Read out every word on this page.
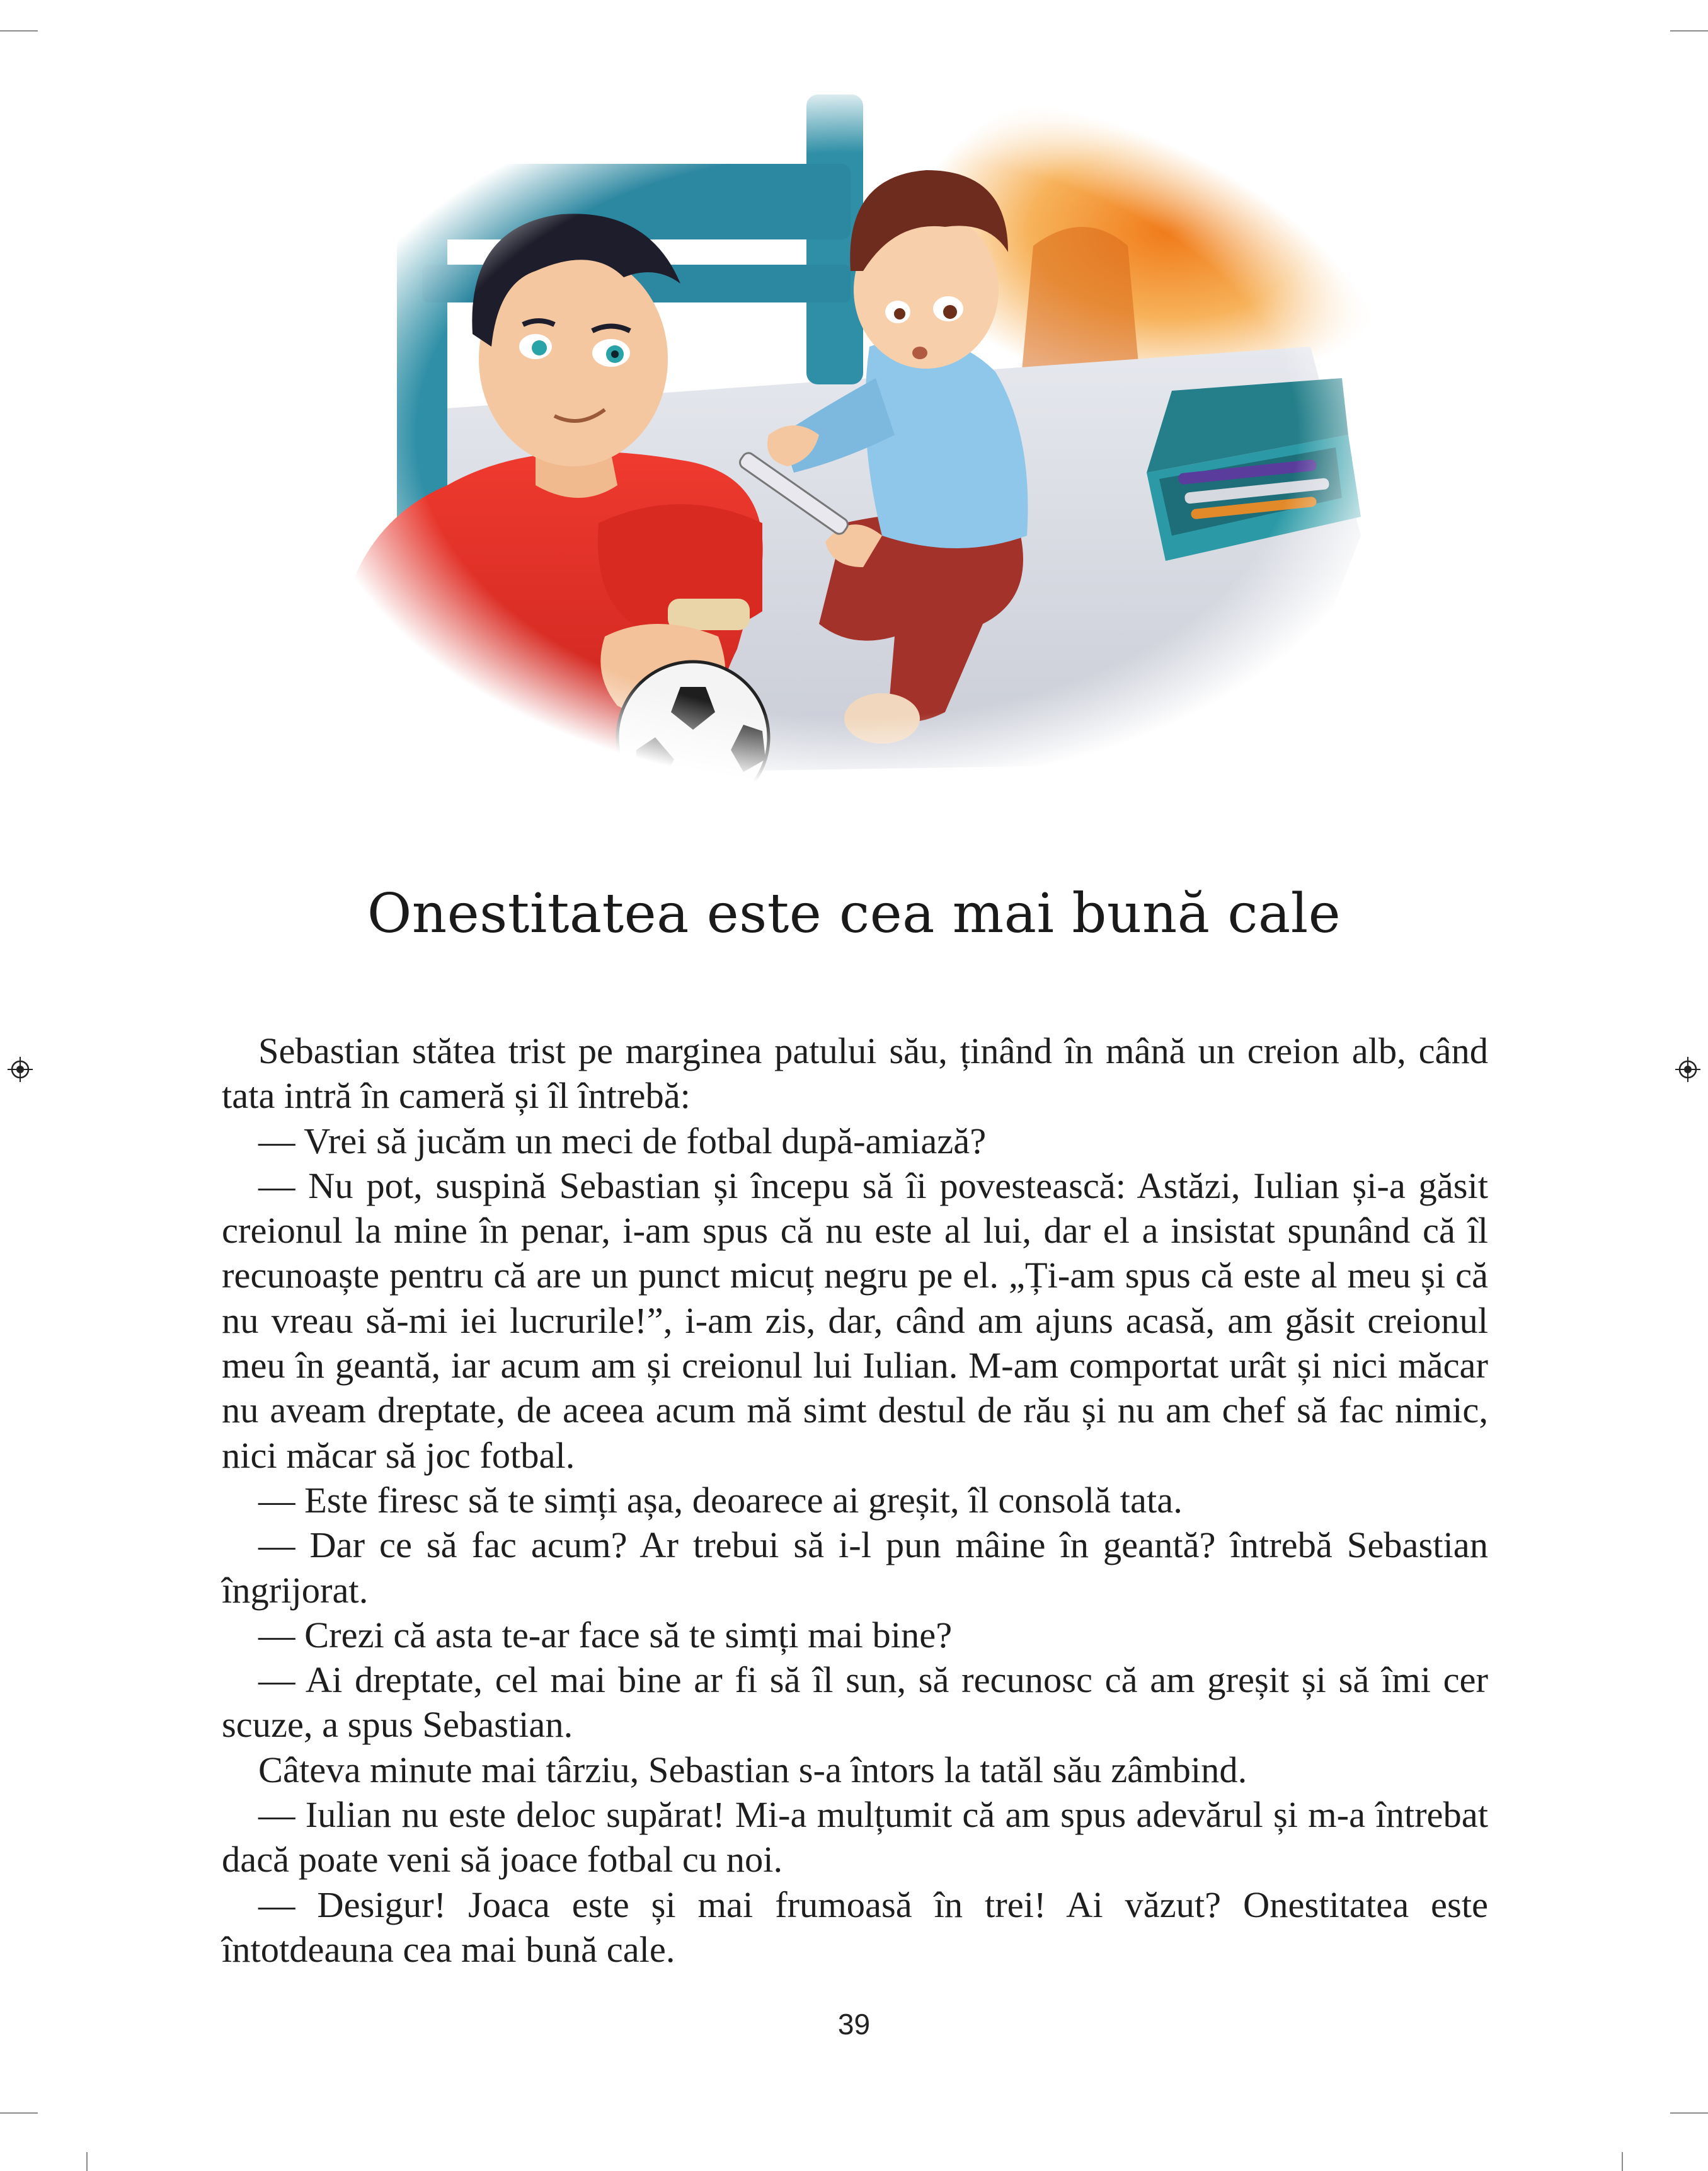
Onestitatea este cea mai bună cale

Sebastian stătea trist pe marginea patului său, ținând în mână un creion alb, când tata intră în cameră și îl întrebă:

— Vrei să jucăm un meci de fotbal după-amiază?

— Nu pot, suspină Sebastian și începu să îi povestească: Astăzi, Iulian și-a găsit creionul la mine în penar, i-am spus că nu este al lui, dar el a insistat spunând că îl recunoaște pentru că are un punct micuț negru pe el. „Ți-am spus că este al meu și că nu vreau să-mi iei lucrurile!”, i-am zis, dar, când am ajuns acasă, am găsit creionul meu în geantă, iar acum am și creionul lui Iulian. M-am comportat urât și nici măcar nu aveam dreptate, de aceea acum mă simt destul de rău și nu am chef să fac nimic, nici măcar să joc fotbal.

— Este firesc să te simți așa, deoarece ai greșit, îl consolă tata.

— Dar ce să fac acum? Ar trebui să i-l pun mâine în geantă? întrebă Sebastian îngrijorat.

— Crezi că asta te-ar face să te simți mai bine?

— Ai dreptate, cel mai bine ar fi să îl sun, să recunosc că am greșit și să îmi cer scuze, a spus Sebastian.

Câteva minute mai târziu, Sebastian s-a întors la tatăl său zâmbind.

— Iulian nu este deloc supărat! Mi-a mulțumit că am spus adevărul și m-a întrebat dacă poate veni să joace fotbal cu noi.

— Desigur! Joaca este și mai frumoasă în trei! Ai văzut? Onestitatea este întotdeauna cea mai bună cale.

39
